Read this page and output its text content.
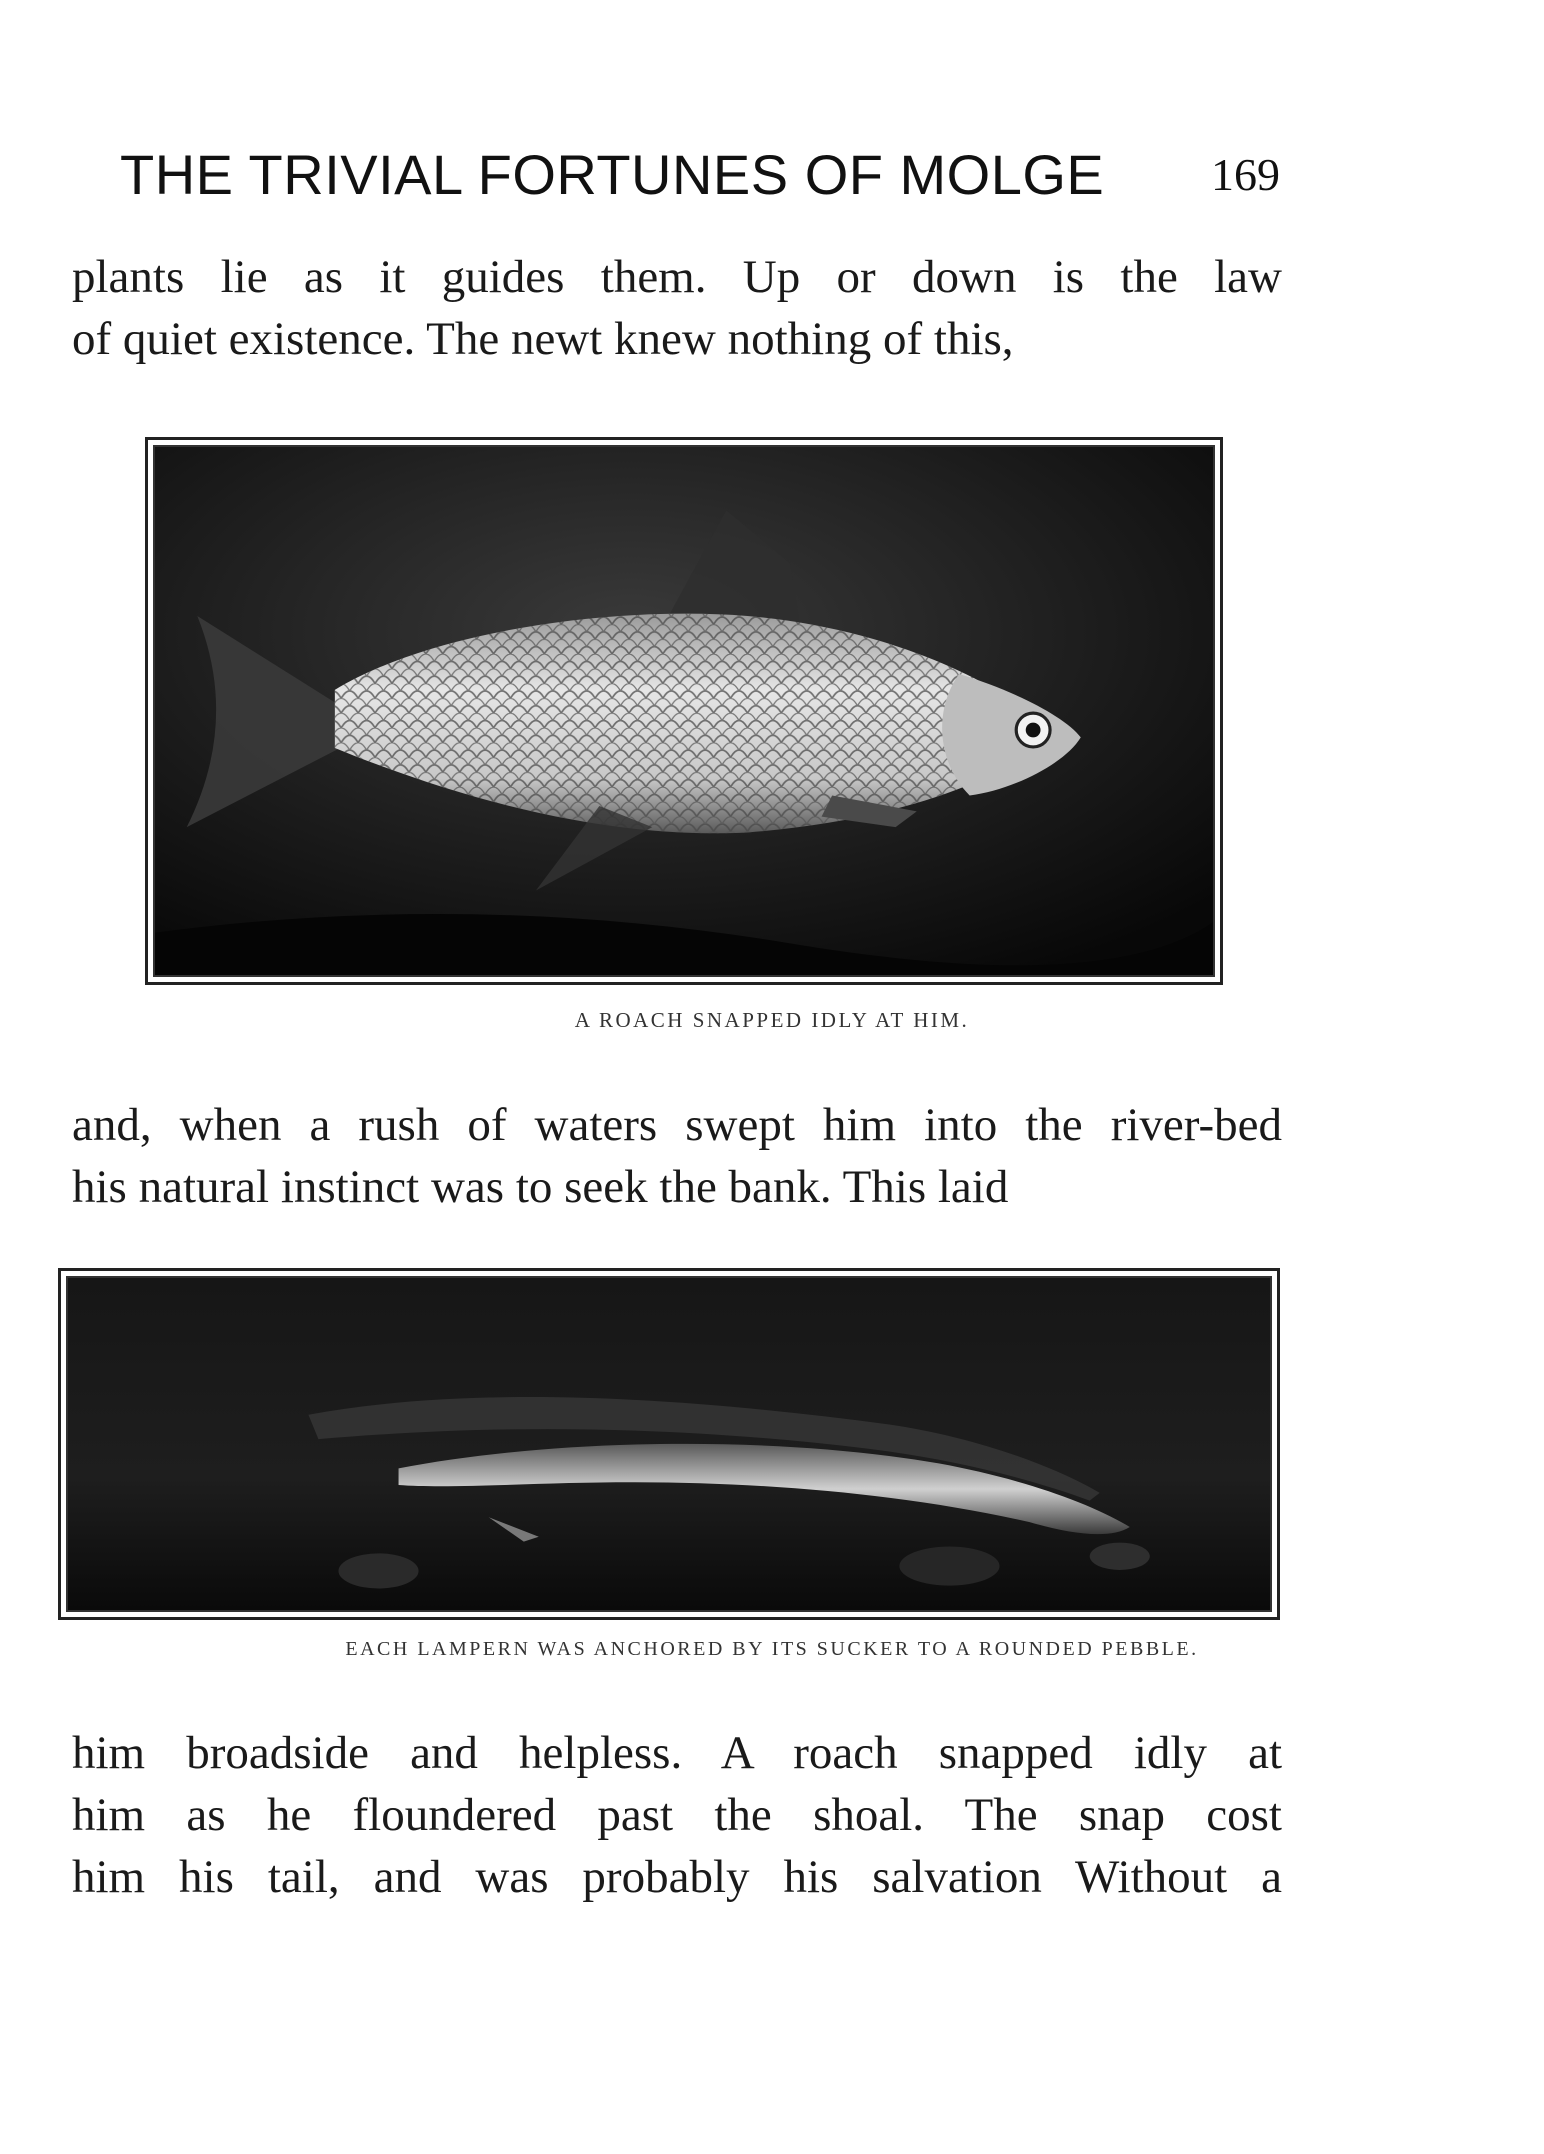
THE TRIVIAL FORTUNES OF MOLGE 169
plants lie as it guides them. Up or down is the law
of quiet existence. The newt knew nothing of this,
A ROACH SNAPPED IDLY AT HIM.
and, when a rush of waters swept him into the river-bed
his natural instinct was to seek the bank. This laid
EACH LAMPERN WAS ANCHORED BY ITS SUCKER TO A ROUNDED PEBBLE.
him broadside and helpless. A roach snapped idly at
him as he floundered past the shoal. The snap cost
him his tail, and was probably his salvation Without a
